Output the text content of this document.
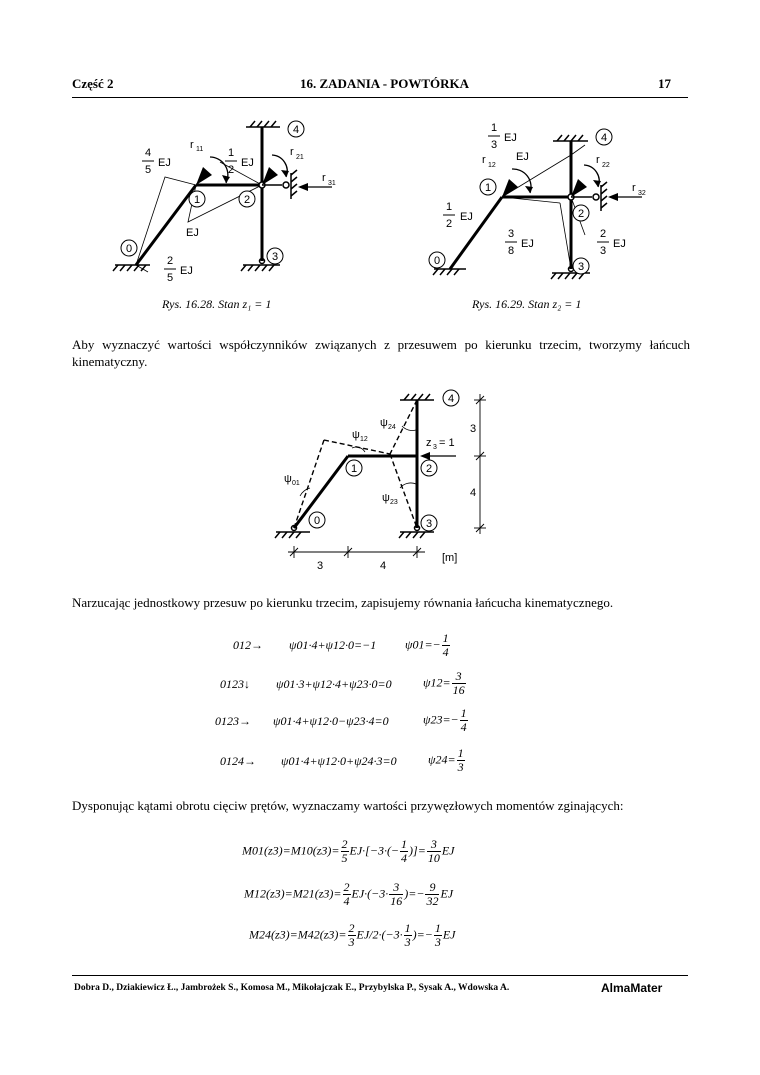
Część 2	16. ZADANIA - POWTÓRKA	17
1	2
0
3
4
4
5
EJ
r 11 1
2
EJ
r 21
r 31
EJ
2
5
EJ
Rys. 16.28. Stan z₁ = 1
1
2
0	3
4
1
3
EJ
r 12
EJ	r 22
r 32
1
2
EJ
3
8
EJ
2
3
EJ
Rys. 16.29. Stan z₂ = 1
Aby wyznaczyć wartości współczynników związanych z przesuwem po kierunku trzecim, tworzymy łańcuch kinematyczny.
1	2
0	3
4
ψ 24
ψ 12
ψ 01
ψ 23
z 3 = 1
3	4
[m]
3
4
Narzucając jednostkowy przesuw po kierunku trzecim, zapisujemy równania łańcucha kinematycznego.
012→ ψ01·4+ψ12·0=−1 $\psi 01=- \frac{1}{4}$
0123↓ ψ01·3+ψ12·4+ψ23·0=0	$\psi 12= \frac{3}{16}$
0123→ ψ01·4+ψ12·0−ψ23·4=0	$\psi 23=- \frac{1}{4}$
0124→ ψ01·4+ψ12·0+ψ24·3=0	$\psi 24= \frac{1}{3}$
Dysponując kątami obrotu cięciw prętów, wyznaczamy wartości przywęzłowych momentów zginających:
$M01(z3)=M10(z3)= \frac{2}{5} EJ\cdot[-3\cdot(- \frac{1}{4}$ )]= $\frac{3}{10}$ EJ
$M12(z3)=M21(z3)= \frac{2}{4} EJ\cdot(-3\cdot \frac{3}{16}$ )=− $\frac{9}{32}$ EJ
$M24(z3)=M42(z3)= \frac{2}{3} EJ/2\cdot(-3\cdot \frac{1}{3}$ )=− $\frac{1}{3}$ EJ
Dobra D., Dziakiewicz Ł., Jambrożek S., Komosa M., Mikołajczak E., Przybylska P., Sysak A., Wdowska A.	AlmaMater
